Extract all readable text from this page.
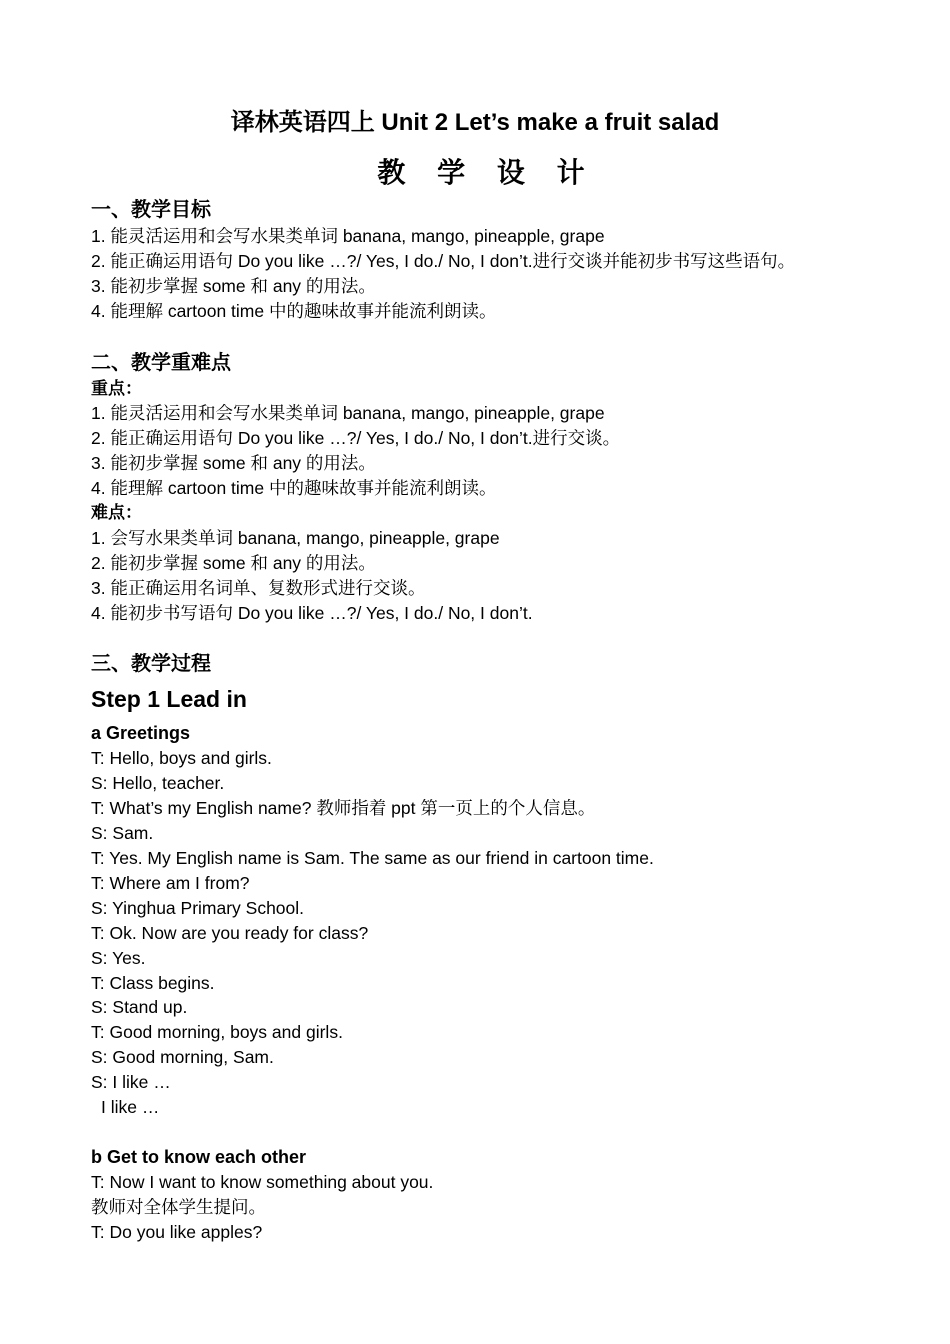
译林英语四上 Unit 2 Let’s make a fruit salad
教 学 设 计

一、教学目标

1. 能灵活运用和会写水果类单词 banana, mango, pineapple, grape

2. 能正确运用语句 Do you like …?/ Yes, I do./ No, I don’t.进行交谈并能初步书写这些语句。

3. 能初步掌握 some 和 any 的用法。

4. 能理解 cartoon time 中的趣味故事并能流利朗读。

二、教学重难点

重点：

1. 能灵活运用和会写水果类单词 banana, mango, pineapple, grape

2. 能正确运用语句 Do you like …?/ Yes, I do./ No, I don’t.进行交谈。

3. 能初步掌握 some 和 any 的用法。

4. 能理解 cartoon time 中的趣味故事并能流利朗读。

难点：

1. 会写水果类单词 banana, mango, pineapple, grape

2. 能初步掌握 some 和 any 的用法。

3. 能正确运用名词单、复数形式进行交谈。

4. 能初步书写语句 Do you like …?/ Yes, I do./ No, I don’t.

三、教学过程

Step 1 Lead in

a Greetings

T: Hello, boys and girls.

S: Hello, teacher.

T: What’s my English name? 教师指着 ppt 第一页上的个人信息。

S: Sam.

T: Yes. My English name is Sam. The same as our friend in cartoon time.

T: Where am I from?

S: Yinghua Primary School.

T: Ok. Now are you ready for class?

S: Yes.

T: Class begins.

S: Stand up.

T: Good morning, boys and girls.

S: Good morning, Sam.

S: I like …

I like …

b Get to know each other

T: Now I want to know something about you.

教师对全体学生提问。

T: Do you like apples?
